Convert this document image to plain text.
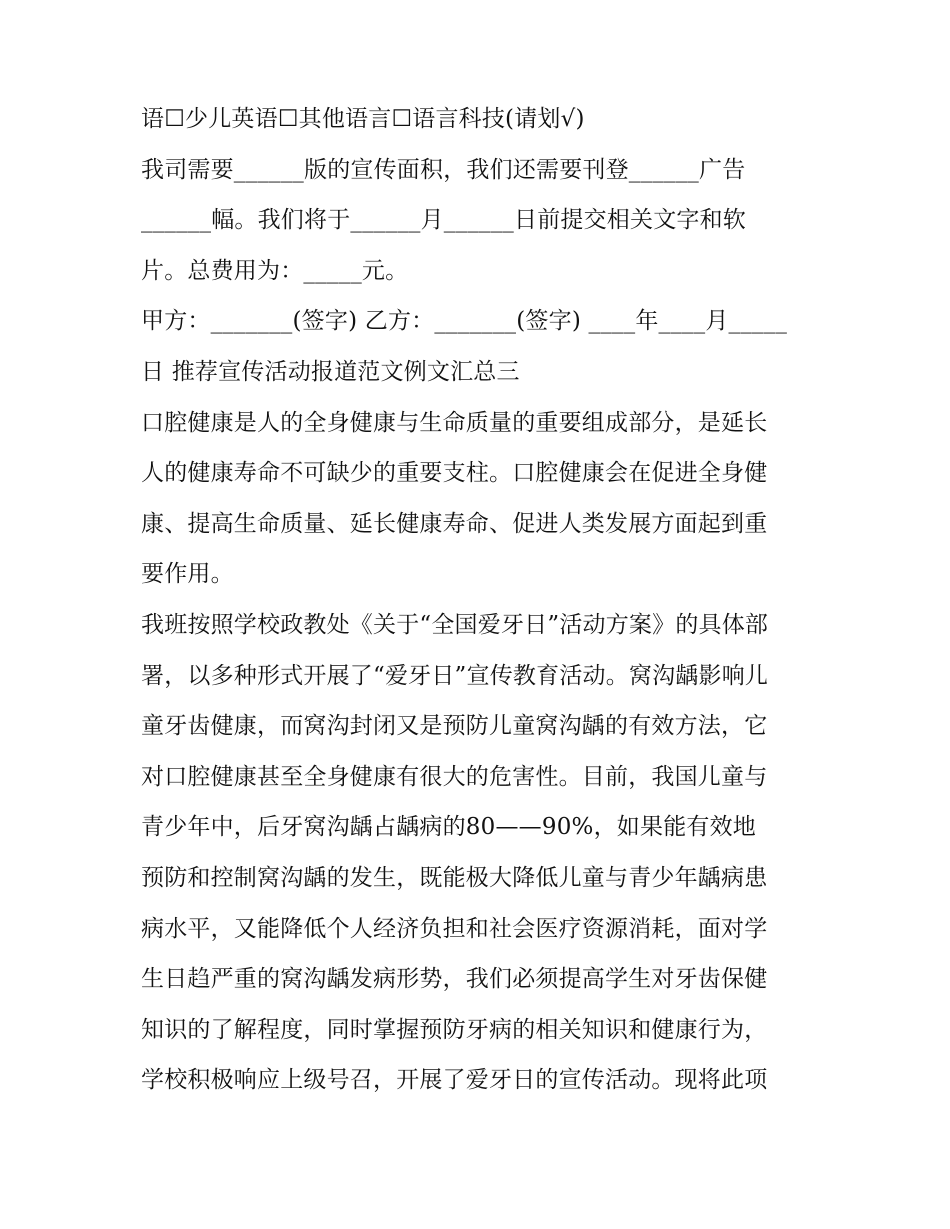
语☐少儿英语☐其他语言☐语言科技(请划√)
我司需要______版的宣传面积，我们还需要刊登______广告
______幅。我们将于______月______日前提交相关文字和软
片。总费用为：_____元。
甲方：_______(签字) 乙方：_______(签字) ____年____月_____
日 推荐宣传活动报道范文例文汇总三
口腔健康是人的全身健康与生命质量的重要组成部分，是延长
人的健康寿命不可缺少的重要支柱。口腔健康会在促进全身健
康、提高生命质量、延长健康寿命、促进人类发展方面起到重
要作用。
我班按照学校政教处《关于“全国爱牙日”活动方案》的具体部
署，以多种形式开展了“爱牙日”宣传教育活动。窝沟龋影响儿
童牙齿健康，而窝沟封闭又是预防儿童窝沟龋的有效方法，它
对口腔健康甚至全身健康有很大的危害性。目前，我国儿童与
青少年中，后牙窝沟龋占龋病的80——90%，如果能有效地
预防和控制窝沟龋的发生，既能极大降低儿童与青少年龋病患
病水平，又能降低个人经济负担和社会医疗资源消耗，面对学
生日趋严重的窝沟龋发病形势，我们必须提高学生对牙齿保健
知识的了解程度，同时掌握预防牙病的相关知识和健康行为，
学校积极响应上级号召，开展了爱牙日的宣传活动。现将此项
